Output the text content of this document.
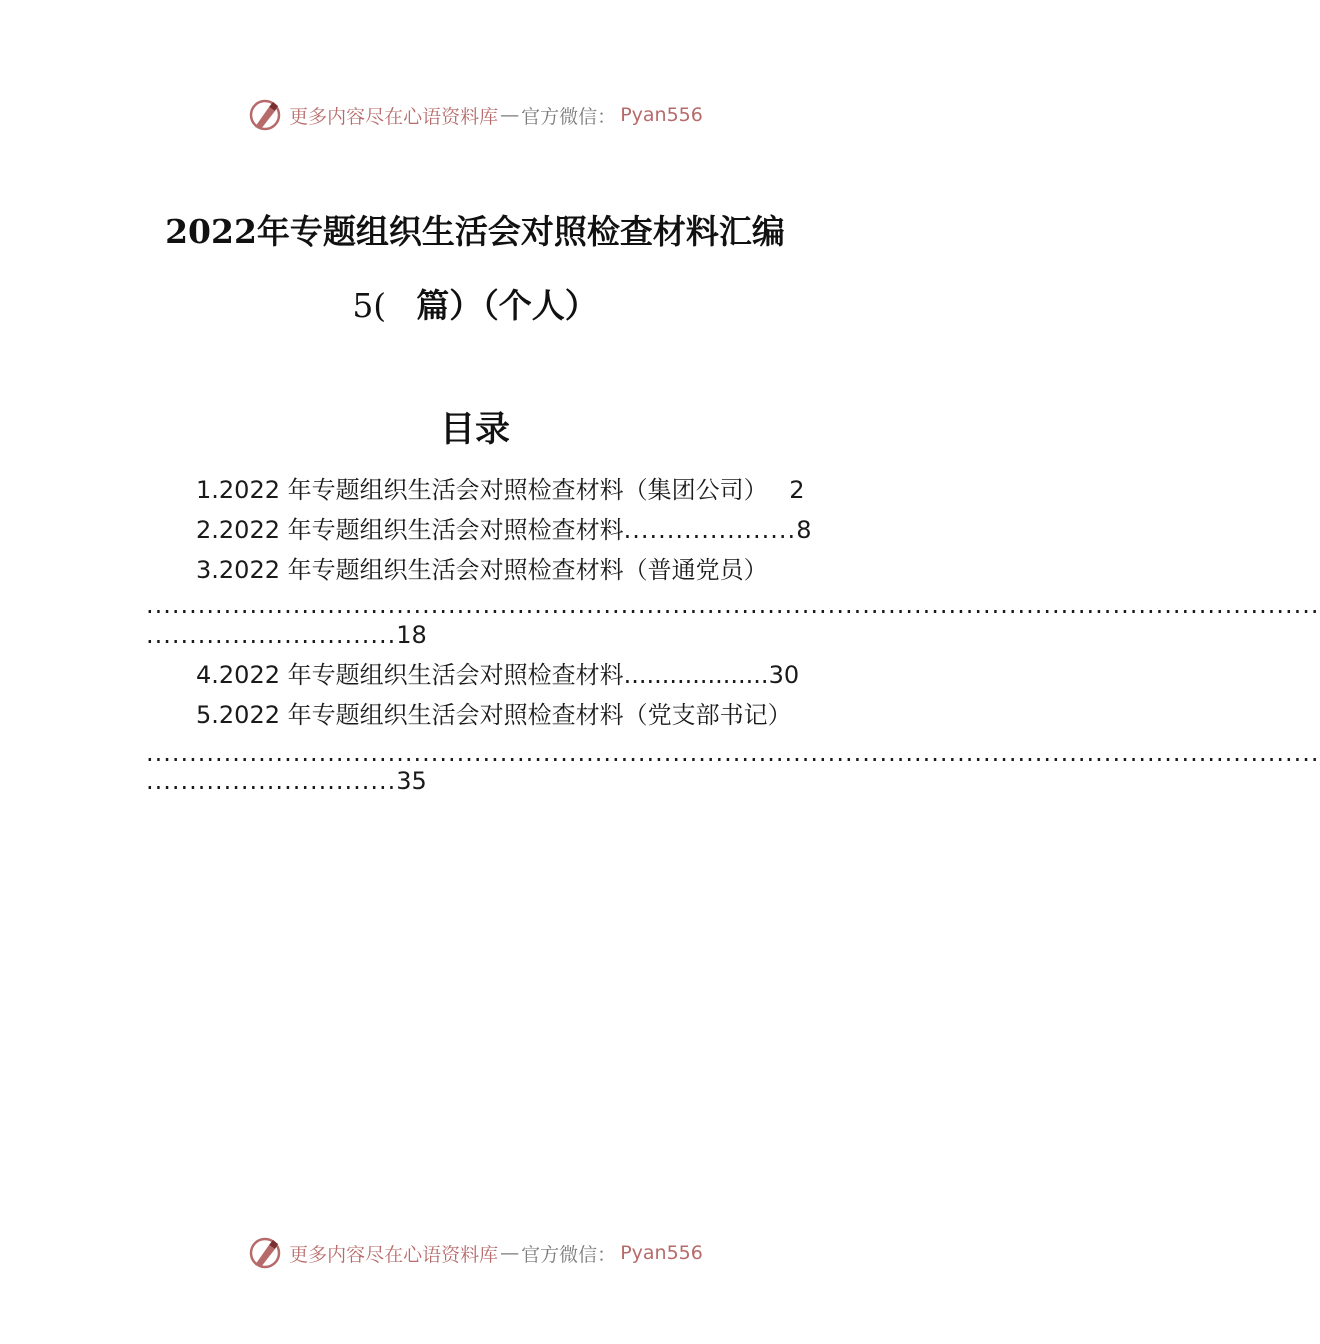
更多内容尽在心语资料库 — 官方微信： Pyan556
2022年专题组织生活会对照检查材料汇编
5( 篇）（个人）
目录
1.2022 年专题组织生活会对照检查材料（集团公司） 2
2.2022 年专题组织生活会对照检查材料....................8
3.2022 年专题组织生活会对照检查材料（普通党员）
........................................................................................................................................
.............................18
4.2022 年专题组织生活会对照检查材料...................30
5.2022 年专题组织生活会对照检查材料（党支部书记）
........................................................................................................................................
.............................35
更多内容尽在心语资料库 — 官方微信： Pyan556
